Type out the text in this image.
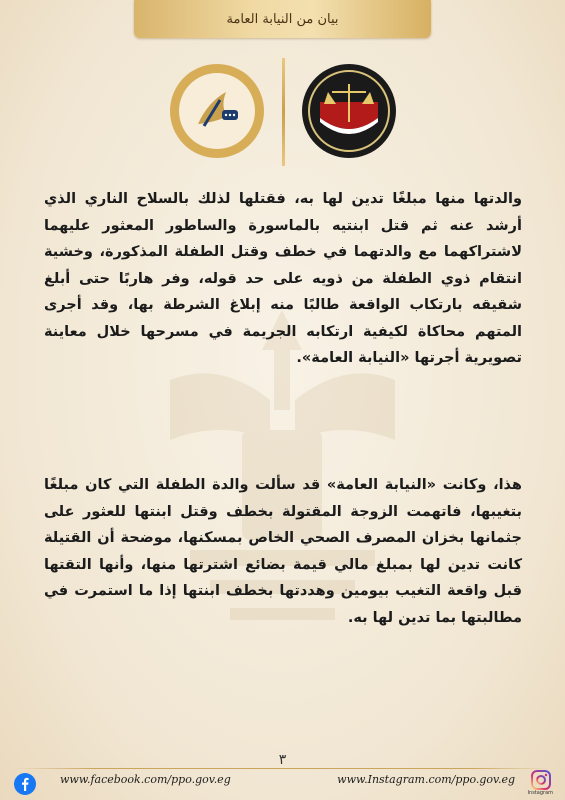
بيان من النيابة العامة
والدتها منها مبلغًا تدين لها به، فقتلها لذلك بالسلاح الناري الذي أرشد عنه ثم قتل ابنتيه بالماسورة والساطور المعثور عليهما لاشتراكهما مع والدتهما في خطف وقتل الطفلة المذكورة، وخشية انتقام ذوي الطفلة من ذويه على حد قوله، وفر هاربًا حتى أبلغ شقيقه بارتكاب الواقعة طالبًا منه إبلاغ الشرطة بها، وقد أجرى المتهم محاكاة لكيفية ارتكابه الجريمة في مسرحها خلال معاينة تصويرية أجرتها «النيابة العامة».
هذا، وكانت «النيابة العامة» قد سألت والدة الطفلة التي كان مبلغًا بتغيبها، فاتهمت الزوجة المقتولة بخطف وقتل ابنتها للعثور على جثمانها بخزان المصرف الصحي الخاص بمسكنها، موضحة أن القتيلة كانت تدين لها بمبلغ مالي قيمة بضائع اشترتها منها، وأنها التقتها قبل واقعة التغيب بيومين وهددتها بخطف ابنتها إذا ما استمرت في مطالبتها بما تدين لها به.
٣
www.facebook.com/ppo.gov.eg	www.Instagram.com/ppo.gov.eg
Instagram
